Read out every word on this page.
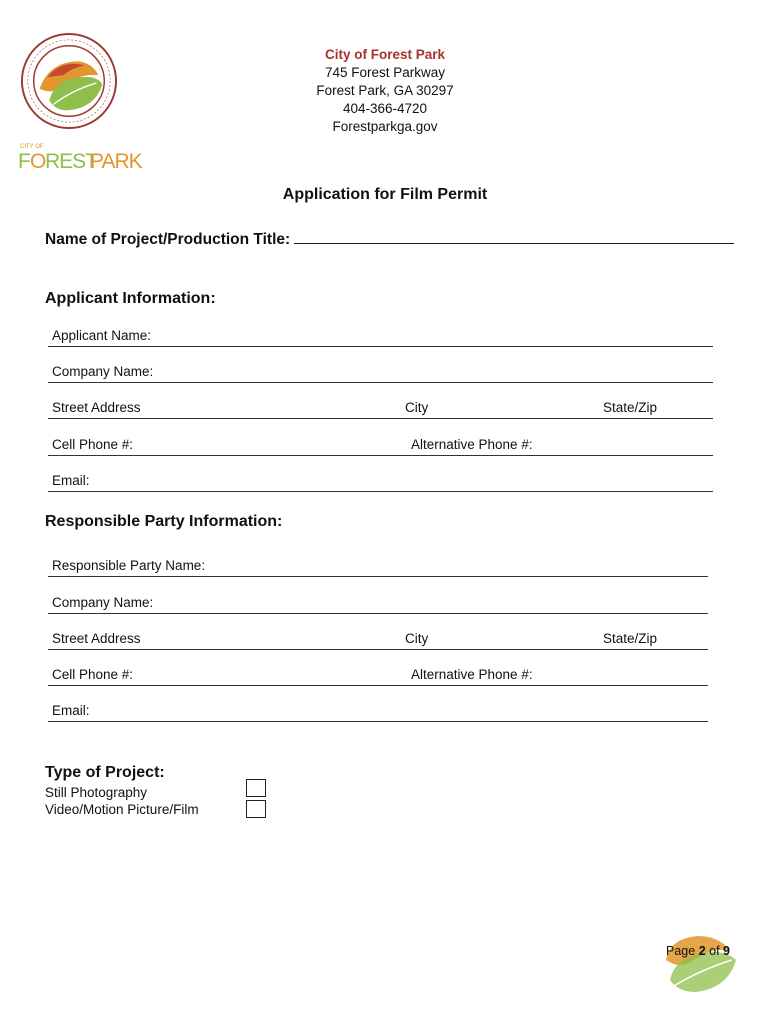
CITY OF
F O REST
PARK
City of Forest Park
745 Forest Parkway
Forest Park, GA 30297
404-366-4720
Forestparkga.gov
Application for Film Permit
Name of Project/Production Title:
Applicant Information:
Applicant Name:
Company Name:
Street Address	City	State/Zip
Cell Phone #:	Alternative Phone #:
Email:
Responsible Party Information:
Responsible Party Name:
Company Name:
Street Address	City	State/Zip
Cell Phone #:	Alternative Phone #:
Email:
Type of Project:
Still Photography
Video/Motion Picture/Film
Page 2 of 9
